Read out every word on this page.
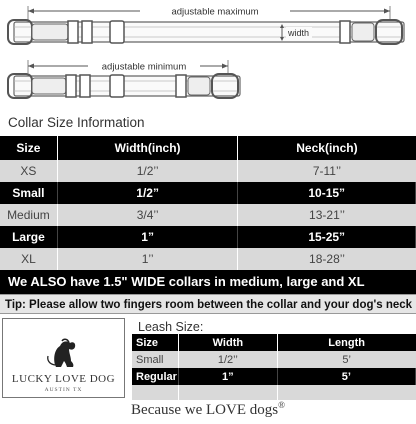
adjustable maximum
width
adjustable minimum
Collar Size Information
Size	Width(inch)	Neck(inch)
XS	1/2’’	7-11’’
Small	1/2”	10-15”
Medium	3/4’’	13-21’’
Large	1”	15-25”
XL	1’’	18-28’’
We ALSO have 1.5" WIDE collars in medium, large and XL
Tip: Please allow two fingers room between the collar and your dog's neck
LUCKY LOVE DOG
AUSTIN TX
Leash Size:
Size	Width	Length
Small	1/2’’	5’
Regular	1”	5’

Because we LOVE dogs®
